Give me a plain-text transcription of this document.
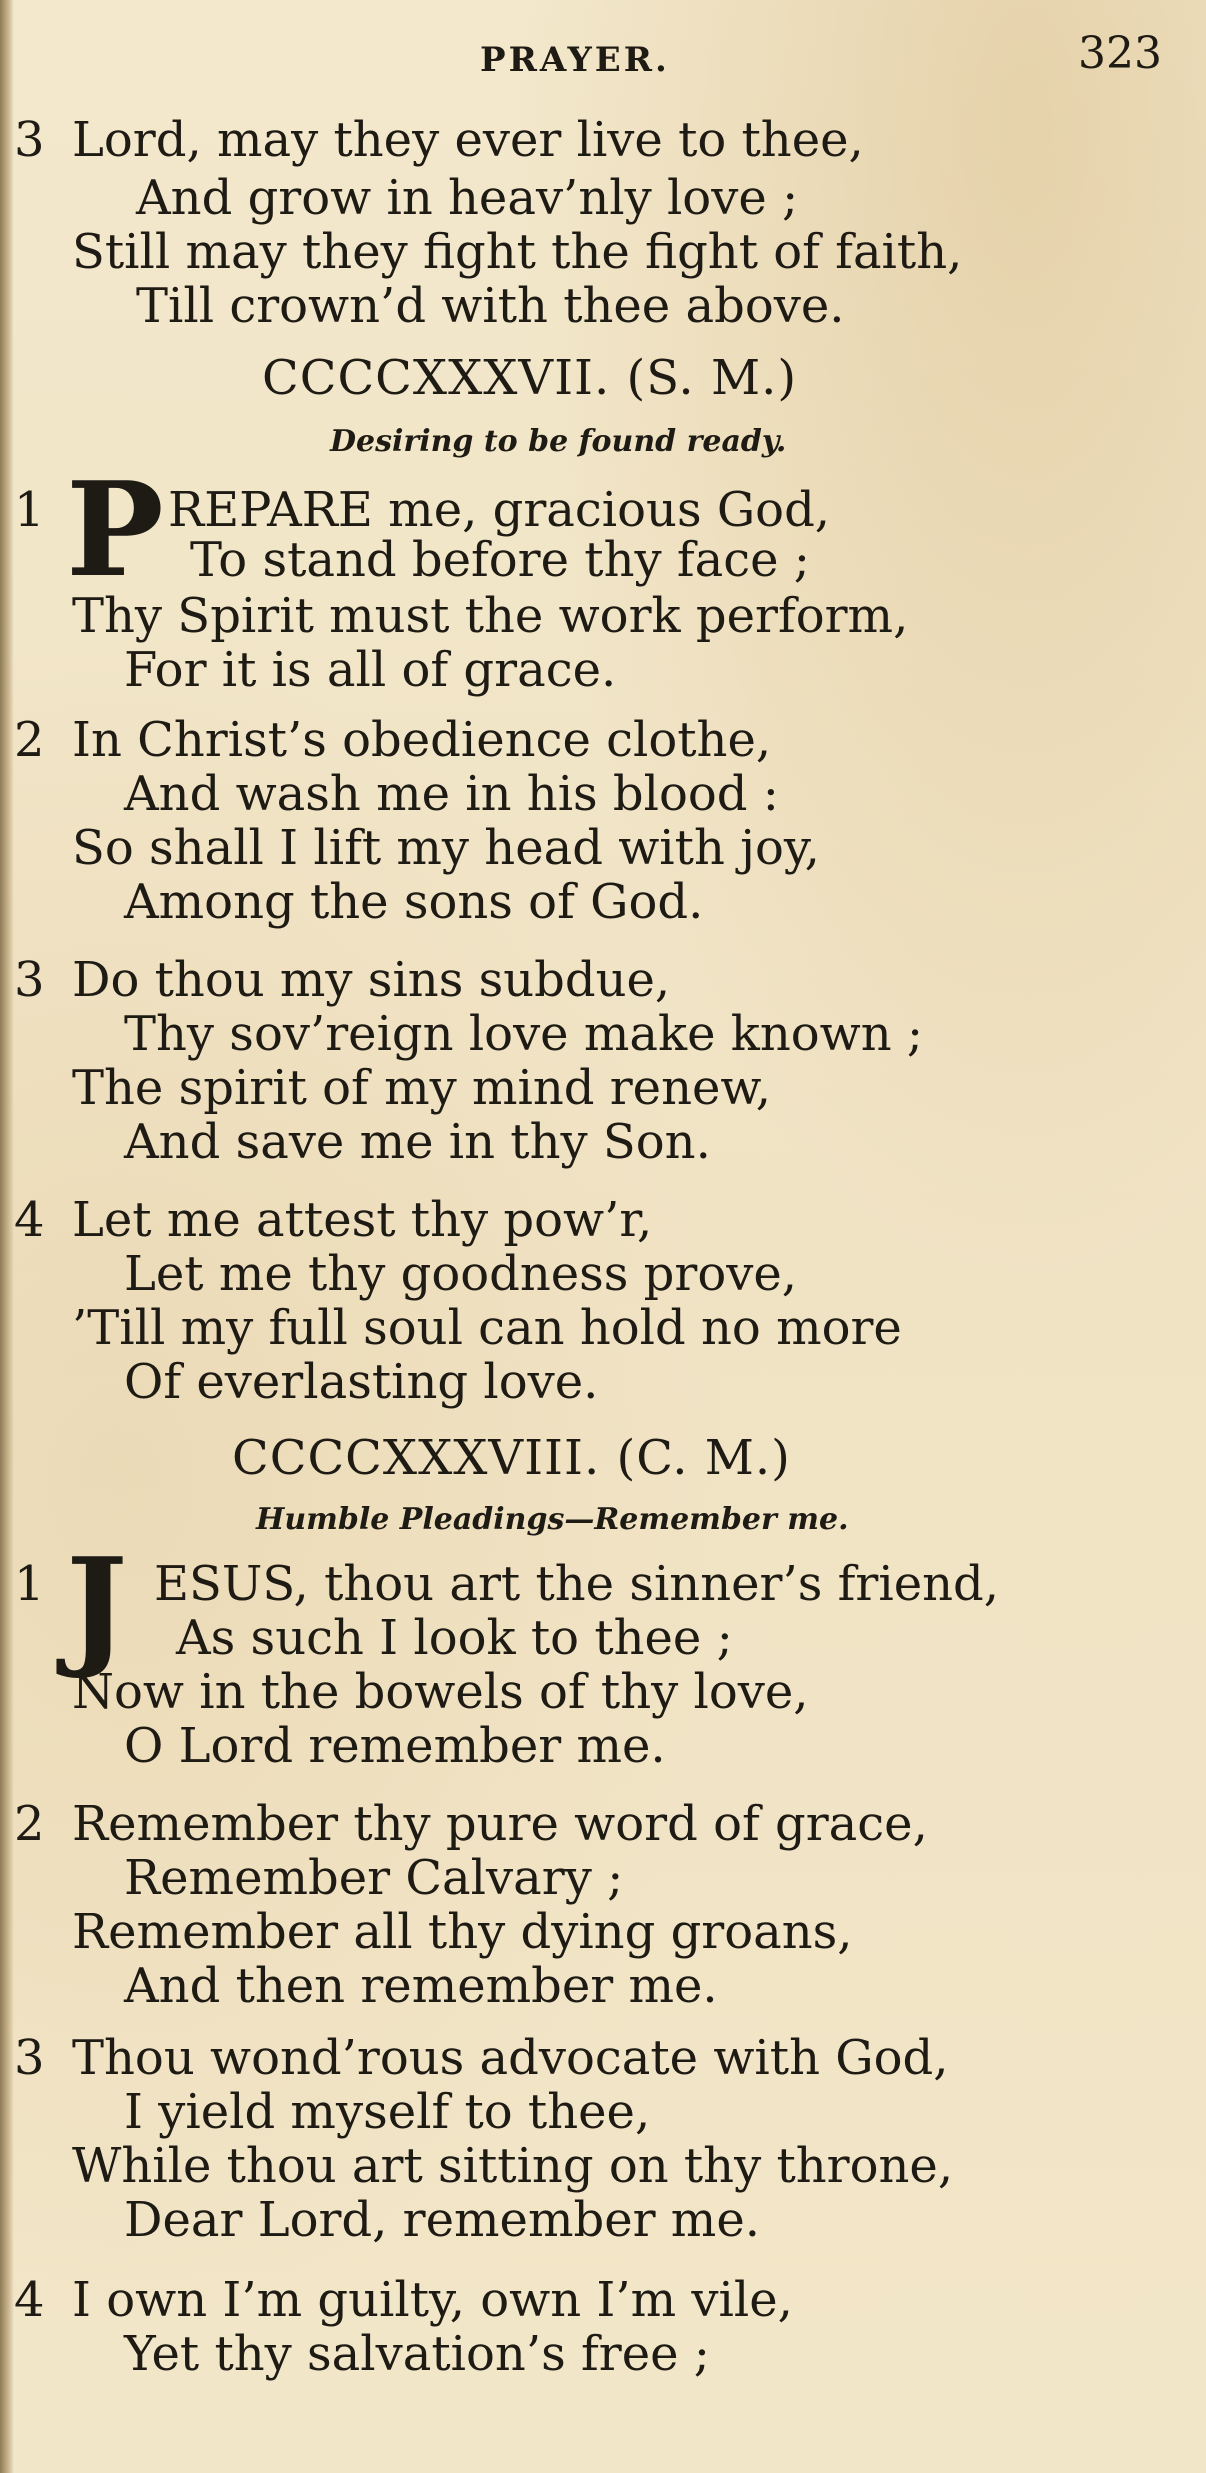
PRAYER.	323
3 Lord, may they ever live to thee,
And grow in heav’nly love ;
Still may they fight the fight of faith,
Till crown’d with thee above.
CCCCXXXVII. (S. M.)
Desiring to be found ready.
1 P REPARE me, gracious God,
To stand before thy face ;
Thy Spirit must the work perform,
For it is all of grace.
2 In Christ’s obedience clothe,
And wash me in his blood :
So shall I lift my head with joy,
Among the sons of God.
3 Do thou my sins subdue,
Thy sov’reign love make known ;
The spirit of my mind renew,
And save me in thy Son.
4 Let me attest thy pow’r,
Let me thy goodness prove,
’Till my full soul can hold no more
Of everlasting love.
CCCCXXXVIII. (C. M.)
Humble Pleadings—Remember me.
1 J ESUS, thou art the sinner’s friend,
As such I look to thee ;
Now in the bowels of thy love,
O Lord remember me.
2 Remember thy pure word of grace,
Remember Calvary ;
Remember all thy dying groans,
And then remember me.
3 Thou wond’rous advocate with God,
I yield myself to thee,
While thou art sitting on thy throne,
Dear Lord, remember me.
4 I own I’m guilty, own I’m vile,
Yet thy salvation’s free ;
